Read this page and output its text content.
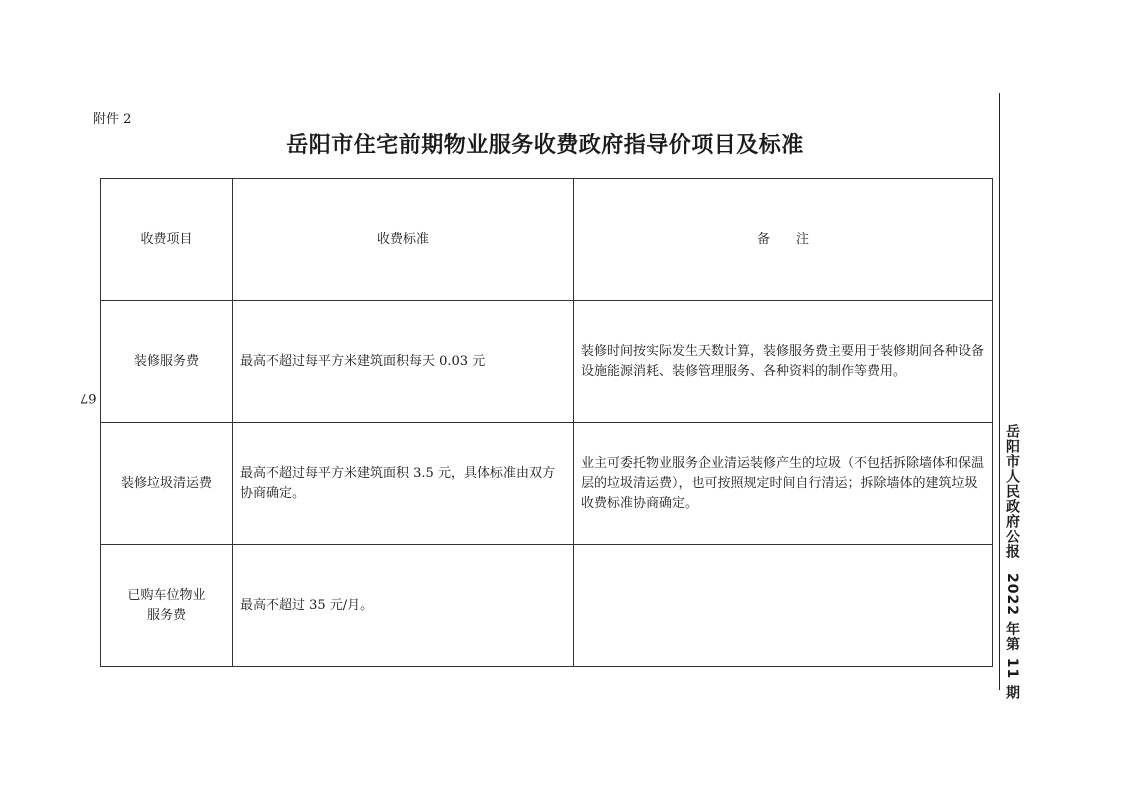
附件 2
岳阳市住宅前期物业服务收费政府指导价项目及标准
收费项目	收费标准	备注
装修服务费	最高不超过每平方米建筑面积每天 0.03 元	装修时间按实际发生天数计算，装修服务费主要用于装修期间各种设备设施能源消耗、装修管理服务、各种资料的制作等费用。
装修垃圾清运费	最高不超过每平方米建筑面积 3.5 元，具体标准由双方协商确定。	业主可委托物业服务企业清运装修产生的垃圾（不包括拆除墙体和保温层的垃圾清运费），也可按照规定时间自行清运；拆除墙体的建筑垃圾收费标准协商确定。
已购车位物业服务费	最高不超过 35 元/月。	
67
岳阳市人民政府公报2022 年第 11 期
